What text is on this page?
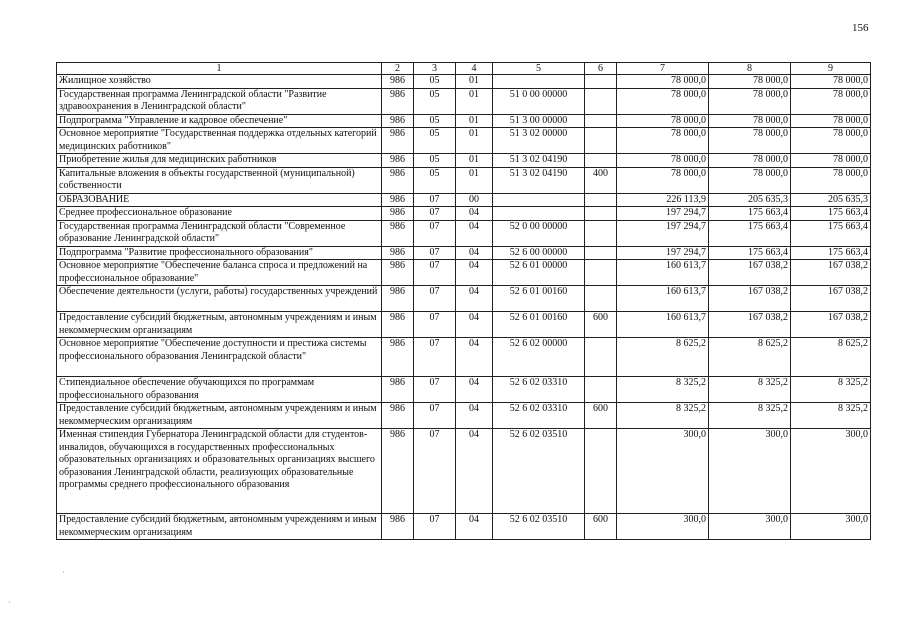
156
1	2	3	4	5	6	7	8	9
Жилищное хозяйство	986	05	01			78 000,0	78 000,0	78 000,0
Государственная программа Ленинградской области "Развитие здравоохранения в Ленинградской области"	986	05	01	51 0 00 00000		78 000,0	78 000,0	78 000,0
Подпрограмма "Управление и кадровое обеспечение"	986	05	01	51 3 00 00000		78 000,0	78 000,0	78 000,0
Основное мероприятие "Государственная поддержка отдельных категорий медицинских работников"	986	05	01	51 3 02 00000		78 000,0	78 000,0	78 000,0
Приобретение жилья для медицинских работников	986	05	01	51 3 02 04190		78 000,0	78 000,0	78 000,0
Капитальные вложения в объекты государственной (муниципальной) собственности	986	05	01	51 3 02 04190	400	78 000,0	78 000,0	78 000,0
ОБРАЗОВАНИЕ	986	07	00			226 113,9	205 635,3	205 635,3
Среднее профессиональное образование	986	07	04			197 294,7	175 663,4	175 663,4
Государственная программа Ленинградской области "Современное образование Ленинградской области"	986	07	04	52 0 00 00000		197 294,7	175 663,4	175 663,4
Подпрограмма "Развитие профессионального образования"	986	07	04	52 6 00 00000		197 294,7	175 663,4	175 663,4
Основное мероприятие "Обеспечение баланса спроса и предложений на профессиональное образование"	986	07	04	52 6 01 00000		160 613,7	167 038,2	167 038,2
Обеспечение деятельности (услуги, работы) государственных учреждений	986	07	04	52 6 01 00160		160 613,7	167 038,2	167 038,2
Предоставление субсидий бюджетным, автономным учреждениям и иным некоммерческим организациям	986	07	04	52 6 01 00160	600	160 613,7	167 038,2	167 038,2
Основное мероприятие "Обеспечение доступности и престижа системы профессионального образования Ленинградской области"	986	07	04	52 6 02 00000		8 625,2	8 625,2	8 625,2
Стипендиальное обеспечение обучающихся по программам профессионального образования	986	07	04	52 6 02 03310		8 325,2	8 325,2	8 325,2
Предоставление субсидий бюджетным, автономным учреждениям и иным некоммерческим организациям	986	07	04	52 6 02 03310	600	8 325,2	8 325,2	8 325,2
Именная стипендия Губернатора Ленинградской области для студентов-инвалидов, обучающихся в государственных профессиональных образовательных организациях и образовательных организациях высшего образования Ленинградской области, реализующих образовательные программы среднего профессионального образования	986	07	04	52 6 02 03510		300,0	300,0	300,0
Предоставление субсидий бюджетным, автономным учреждениям и иным некоммерческим организациям	986	07	04	52 6 02 03510	600	300,0	300,0	300,0
·
·
